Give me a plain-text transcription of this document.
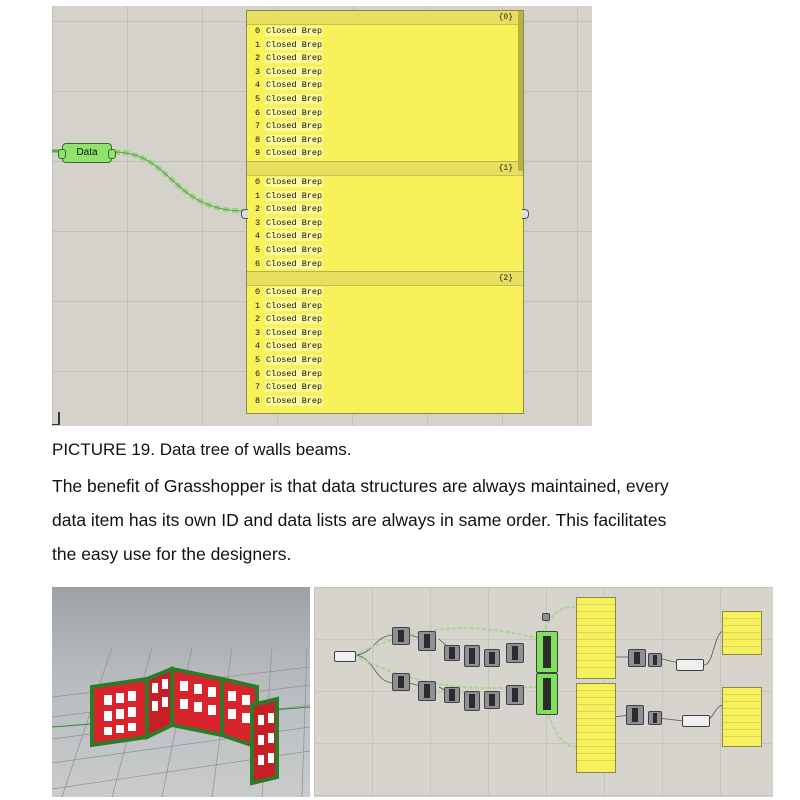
Data
{0}
0 Closed Brep
1 Closed Brep
2 Closed Brep
3 Closed Brep
4 Closed Brep
5 Closed Brep
6 Closed Brep
7 Closed Brep
8 Closed Brep
9 Closed Brep
{1}
0 Closed Brep
1 Closed Brep
2 Closed Brep
3 Closed Brep
4 Closed Brep
5 Closed Brep
6 Closed Brep
{2}
0 Closed Brep
1 Closed Brep
2 Closed Brep
3 Closed Brep
4 Closed Brep
5 Closed Brep
6 Closed Brep
7 Closed Brep
8 Closed Brep
PICTURE 19. Data tree of walls beams.
The benefit of Grasshopper is that data structures are always maintained, every
data item has its own ID and data lists are always in same order. This facilitates
the easy use for the designers.
